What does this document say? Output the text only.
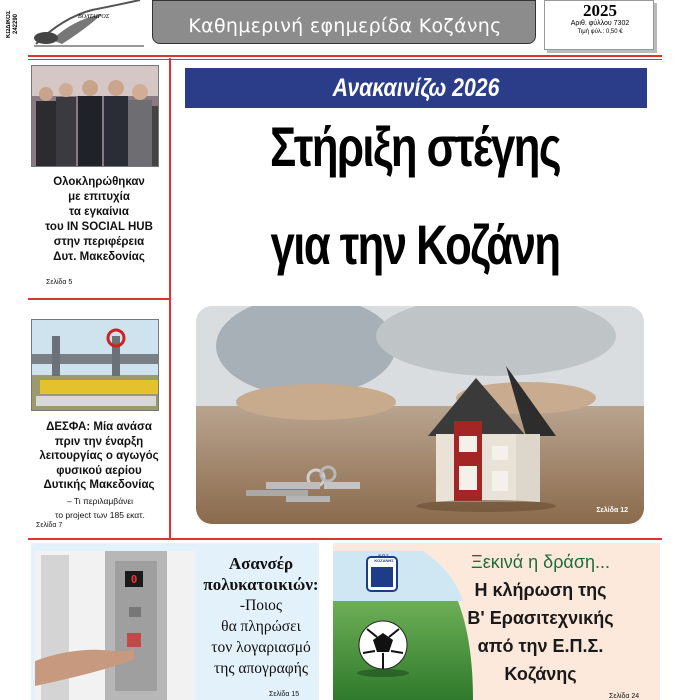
ΚΩΔΙΚΟΣ 242290	ΒΟΛΤΑΙΡΟΣ	Καθημερινή εφημερίδα Κοζάνης
2025
Αριθ. φύλλου 7302
Τιμή φύλ.: 0,50 €
Ολοκληρώθηκαν
με επιτυχία
τα εγκαίνια
του IN SOCIAL HUB
στην περιφέρεια
Δυτ. Μακεδονίας
Σελίδα 5
ΔΕΣΦΑ: Μία ανάσα
πριν την έναρξη
λειτουργίας ο αγωγός
φυσικού αερίου
Δυτικής Μακεδονίας
– Τι περιλαμβάνει
το project των 185 εκατ.
Σελίδα 7
Ανακαινίζω 2026
Στήριξη στέγης
για την Κοζάνη
Σελίδα 12
0
Ασανσέρ
πολυκατοικιών:
-Ποιος
θα πληρώσει
τον λογαριασμό
της απογραφής
Σελίδα 15
Ε.Π.Σ. ΚΟΖΑΝΗΣ	Ξεκινά η δράση...
Η κλήρωση της
Β' Ερασιτεχνικής
από την Ε.Π.Σ.
Κοζάνης
Σελίδα 24
